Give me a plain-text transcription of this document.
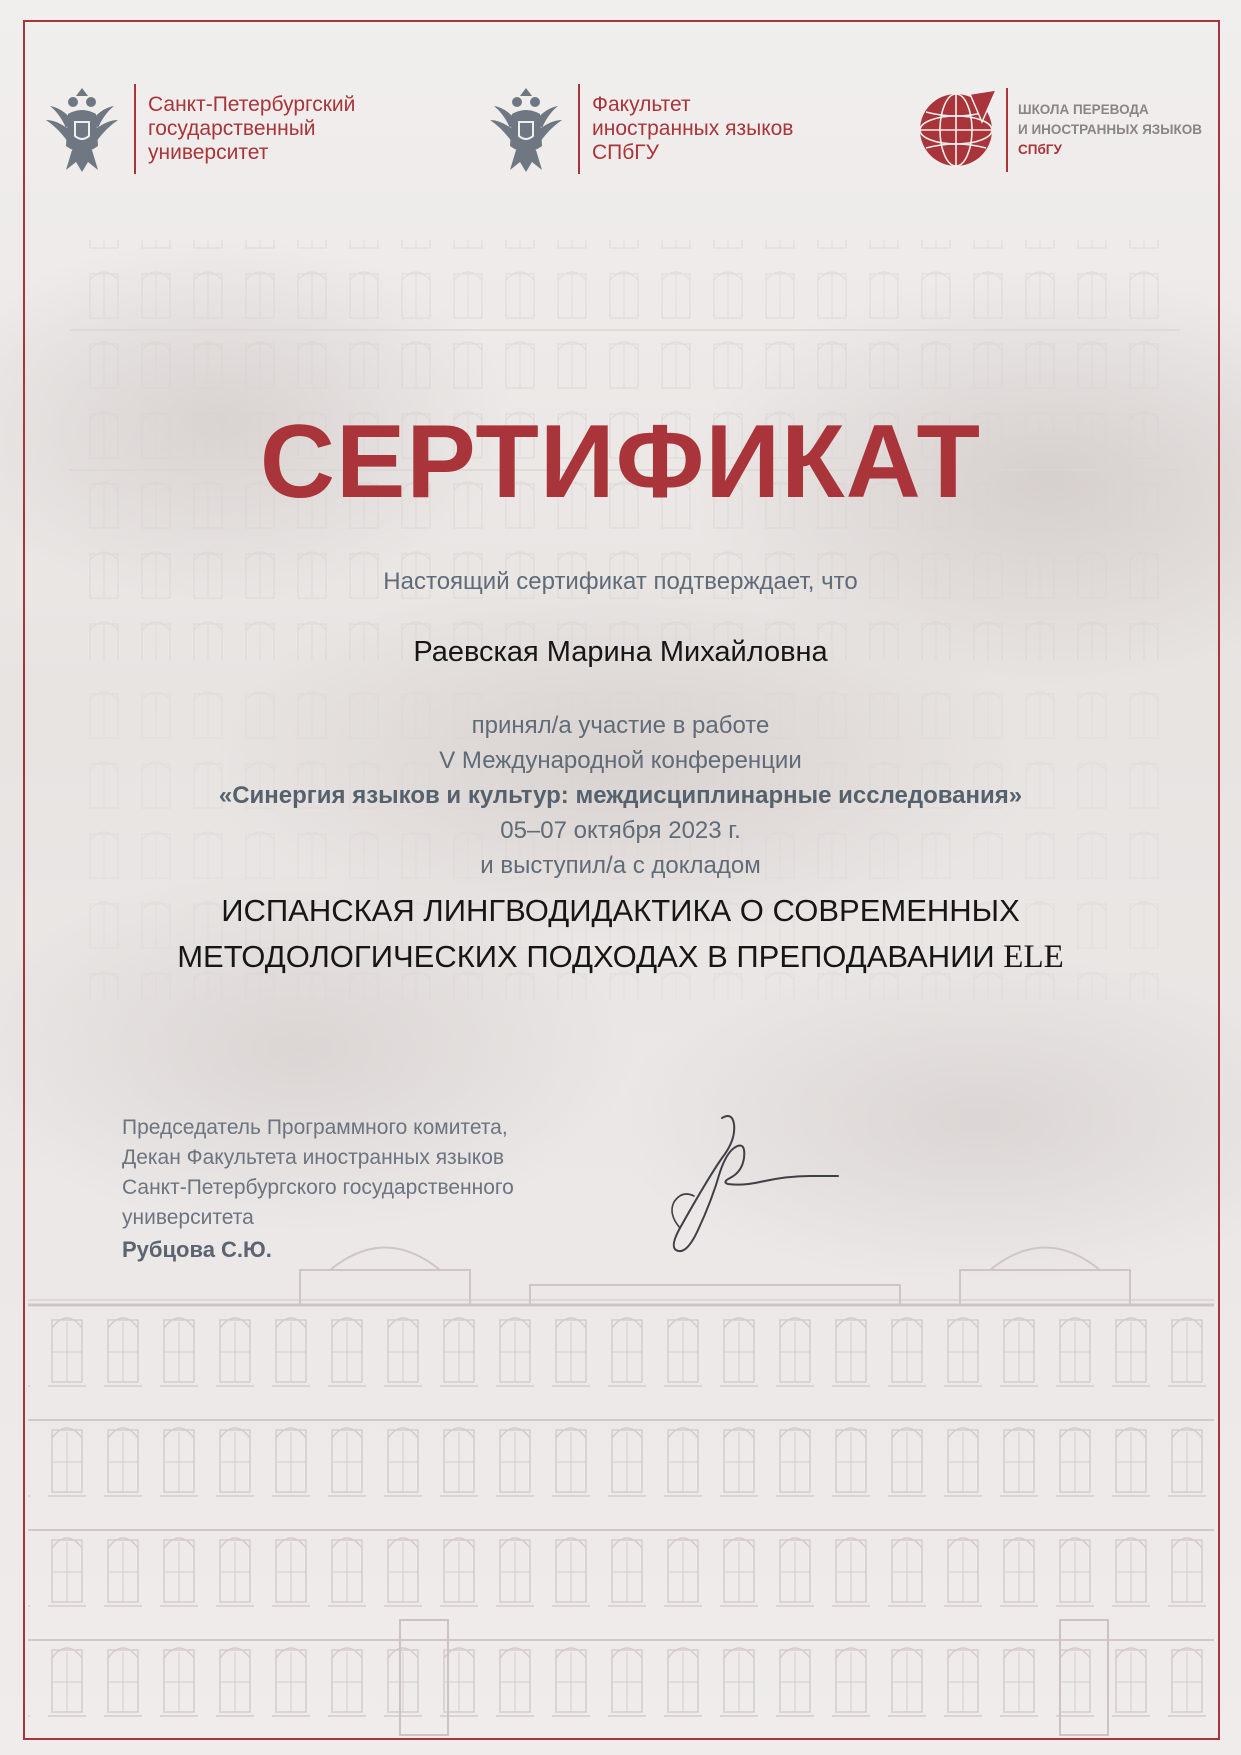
Санкт-Петербургский
государственный
университет
Факультет
иностранных языков
СПбГУ
ШКОЛА ПЕРЕВОДА
И ИНОСТРАННЫХ ЯЗЫКОВ
СПбГУ
СЕРТИФИКАТ
Настоящий сертификат подтверждает, что
Раевская Марина Михайловна
принял/а участие в работе
V Международной конференции
«Синергия языков и культур: междисциплинарные исследования»
05–07 октября 2023 г.
и выступил/а с докладом
ИСПАНСКАЯ ЛИНГВОДИДАКТИКА О СОВРЕМЕННЫХ
МЕТОДОЛОГИЧЕСКИХ ПОДХОДАХ В ПРЕПОДАВАНИИ ELE
Председатель Программного комитета,
Декан Факультета иностранных языков
Санкт-Петербургского государственного
университета
Рубцова С.Ю.
